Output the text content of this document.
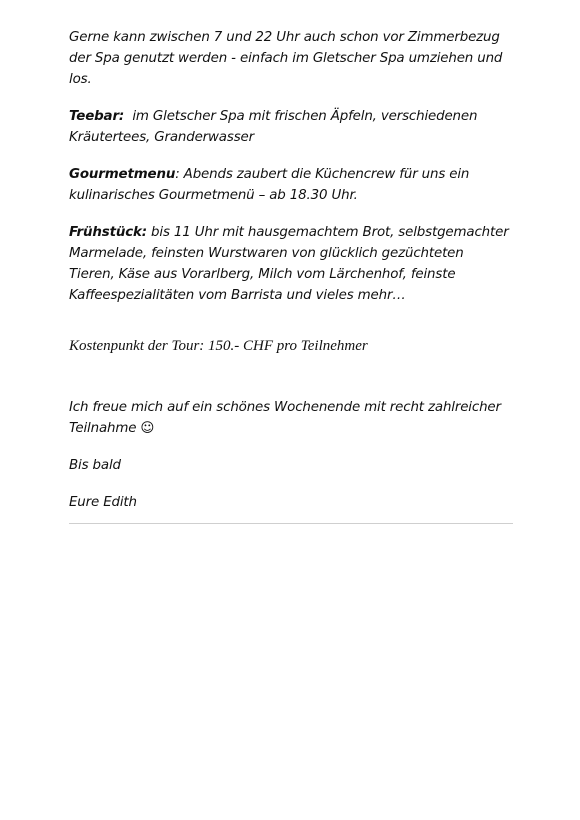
Gerne kann zwischen 7 und 22 Uhr auch schon vor Zimmerbezug der Spa genutzt werden - einfach im Gletscher Spa umziehen und los.

Teebar:  im Gletscher Spa mit frischen Äpfeln, verschiedenen Kräutertees, Granderwasser

Gourmetmenu: Abends zaubert die Küchencrew für uns ein kulinarisches Gourmetmenü – ab 18.30 Uhr.

Frühstück: bis 11 Uhr mit hausgemachtem Brot, selbstgemachter Marmelade, feinsten Wurstwaren von glücklich gezüchteten Tieren, Käse aus Vorarlberg, Milch vom Lärchenhof, feinste Kaffeespezialitäten vom Barrista und vieles mehr…

Kostenpunkt der Tour: 150.- CHF pro Teilnehmer

Ich freue mich auf ein schönes Wochenende mit recht zahlreicher Teilnahme ☺

Bis bald

Eure Edith
